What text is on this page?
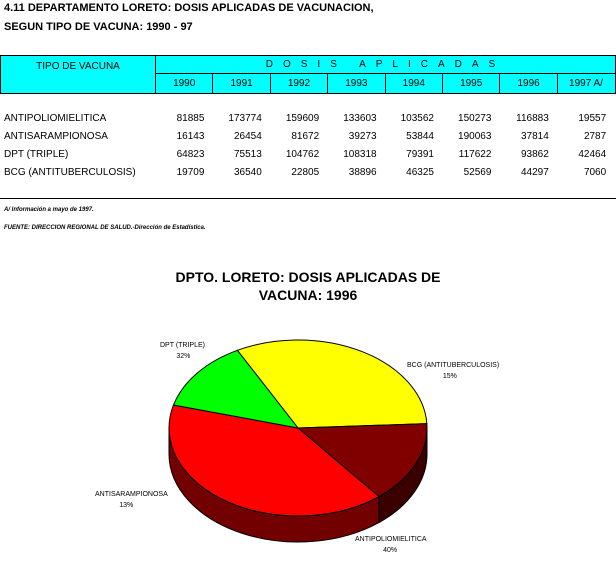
4.11 DEPARTAMENTO LORETO: DOSIS APLICADAS DE VACUNACION,
SEGUN TIPO DE VACUNA: 1990 - 97
TIPO DE VACUNA	DOSIS APLICADAS
1990	1991	1992	1993	1994	1995	1996	1997 A/
ANTIPOLIOMIELITICA	81885	173774	159609	133603	103562	150273	116883	19557
ANTISARAMPIONOSA	16143	26454	81672	39273	53844	190063	37814	2787
DPT (TRIPLE)	64823	75513	104762	108318	79391	117622	93862	42464
BCG (ANTITUBERCULOSIS)	19709	36540	22805	38896	46325	52569	44297	7060
A/ Información a mayo de 1997.
FUENTE: DIRECCION REGIONAL DE SALUD.-Dirección de Estadística.
DPTO. LORETO: DOSIS APLICADAS DE
VACUNA: 1996
DPT (TRIPLE)
32%
BCG (ANTITUBERCULOSIS)
15%
ANTIPOLIOMIELITICA
40%
ANTISARAMPIONOSA
13%
